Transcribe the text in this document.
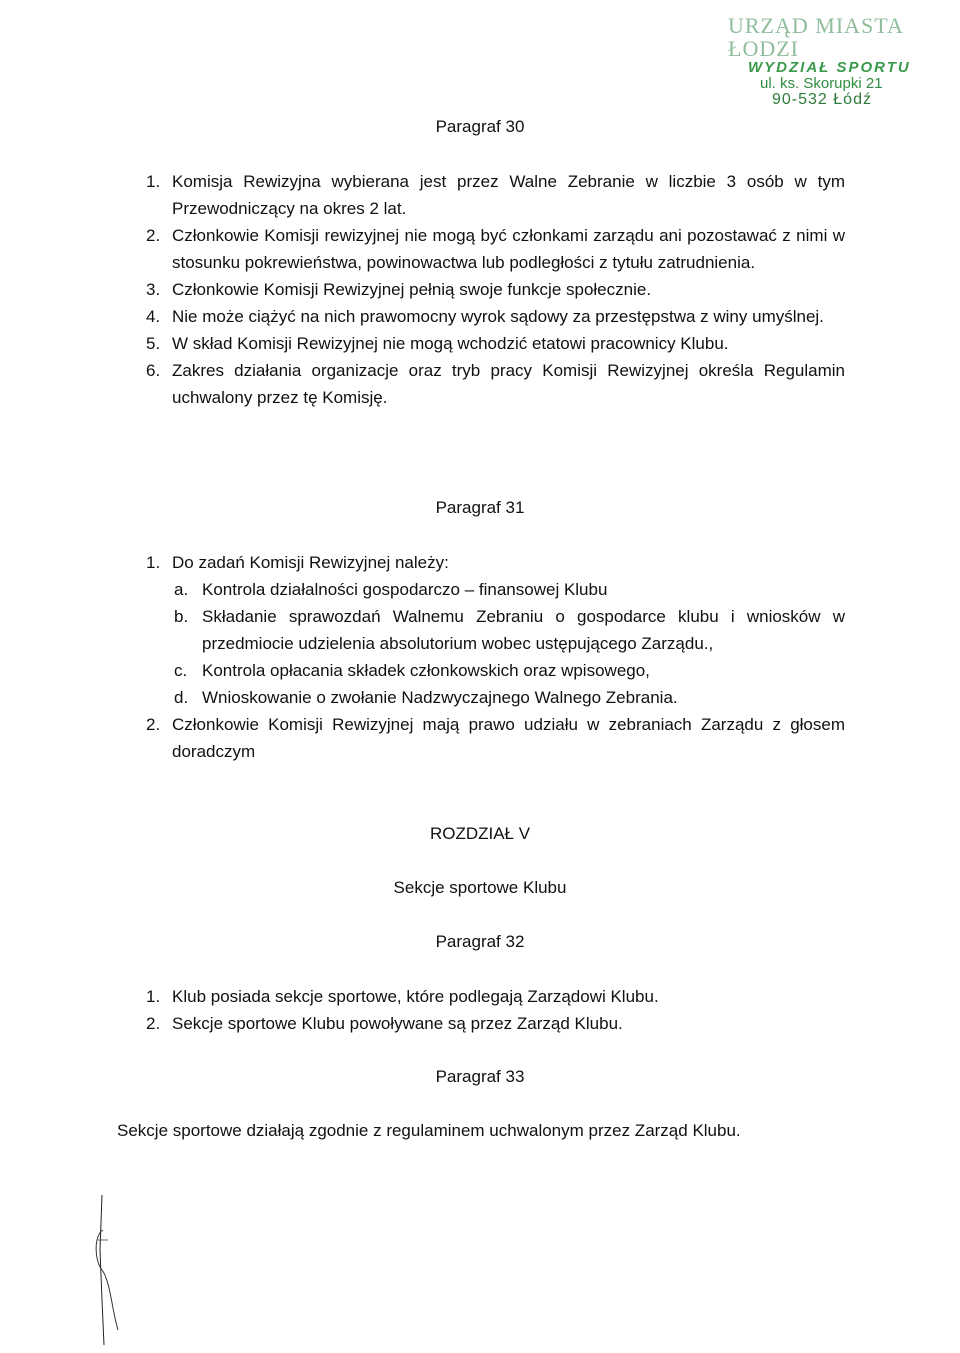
URZĄD MIASTA ŁODZI
WYDZIAŁ SPORTU
ul. ks. Skorupki 21
90-532 Łódź
Paragraf 30
1. Komisja Rewizyjna wybierana jest przez Walne Zebranie w liczbie 3 osób w tym Przewodniczący na okres 2 lat.
2. Członkowie Komisji rewizyjnej nie mogą być członkami zarządu ani pozostawać z nimi w stosunku pokrewieństwa, powinowactwa lub podległości z tytułu zatrudnienia.
3. Członkowie Komisji Rewizyjnej pełnią swoje funkcje społecznie.
4. Nie może ciążyć na nich prawomocny wyrok sądowy za przestępstwa z winy umyślnej.
5. W skład Komisji Rewizyjnej nie mogą wchodzić etatowi pracownicy Klubu.
6. Zakres działania organizacje oraz tryb pracy Komisji Rewizyjnej określa Regulamin uchwalony przez tę Komisję.
Paragraf 31
1. Do zadań Komisji Rewizyjnej należy:
a. Kontrola działalności gospodarczo – finansowej Klubu
b. Składanie sprawozdań Walnemu Zebraniu o gospodarce klubu i wniosków w przedmiocie udzielenia absolutorium wobec ustępującego Zarządu.,
c. Kontrola opłacania składek członkowskich oraz wpisowego,
d. Wnioskowanie o zwołanie Nadzwyczajnego Walnego Zebrania.
2. Członkowie Komisji Rewizyjnej mają prawo udziału w zebraniach Zarządu z głosem doradczym
ROZDZIAŁ V
Sekcje sportowe Klubu
Paragraf 32
1. Klub posiada sekcje sportowe, które podlegają Zarządowi Klubu.
2. Sekcje sportowe Klubu powoływane są przez Zarząd Klubu.
Paragraf 33
Sekcje sportowe działają zgodnie z regulaminem uchwalonym przez Zarząd Klubu.
